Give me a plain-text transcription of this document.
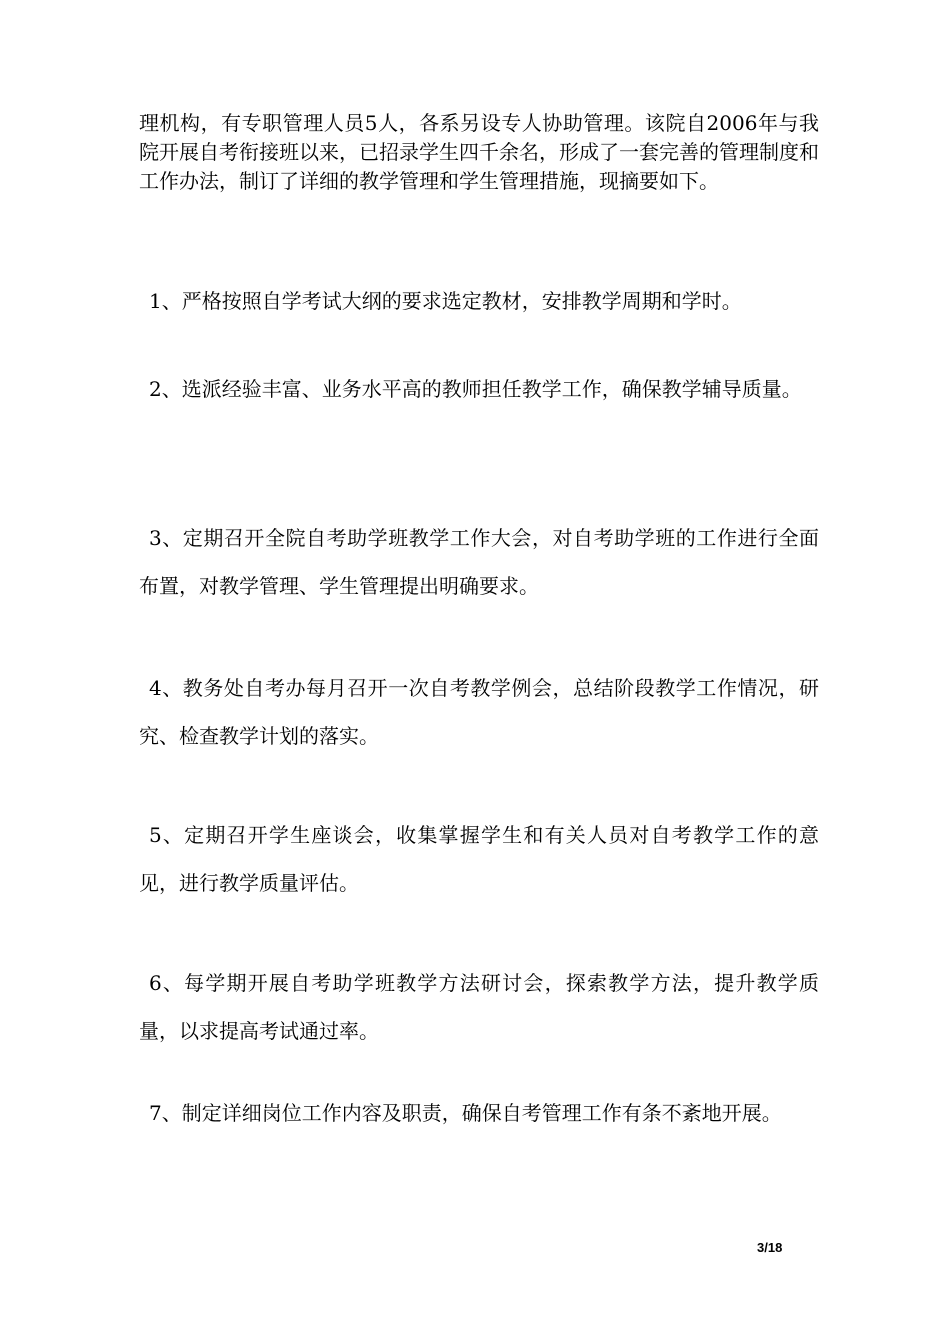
理机构，有专职管理人员5人，各系另设专人协助管理。该院自2006年与我院开展自考衔接班以来，已招录学生四千余名，形成了一套完善的管理制度和工作办法，制订了详细的教学管理和学生管理措施，现摘要如下。

1、严格按照自学考试大纲的要求选定教材，安排教学周期和学时。

2、选派经验丰富、业务水平高的教师担任教学工作，确保教学辅导质量。

3、定期召开全院自考助学班教学工作大会，对自考助学班的工作进行全面布置，对教学管理、学生管理提出明确要求。

4、教务处自考办每月召开一次自考教学例会，总结阶段教学工作情况，研究、检查教学计划的落实。

5、定期召开学生座谈会，收集掌握学生和有关人员对自考教学工作的意见，进行教学质量评估。

6、每学期开展自考助学班教学方法研讨会，探索教学方法，提升教学质量，以求提高考试通过率。

7、制定详细岗位工作内容及职责，确保自考管理工作有条不紊地开展。

3/18
